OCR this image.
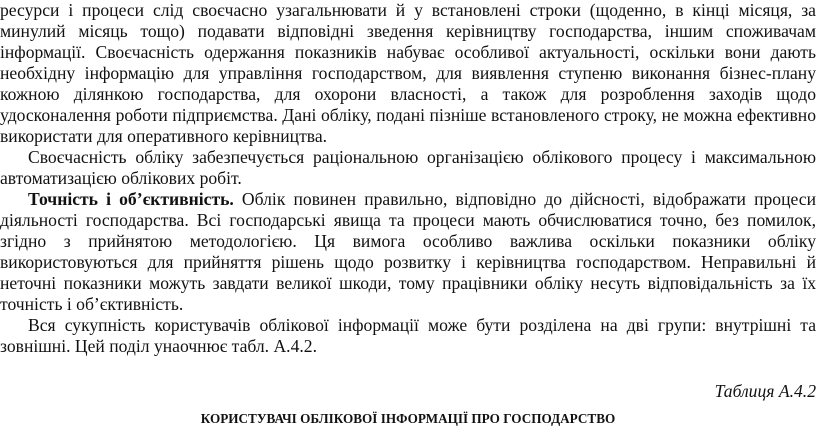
ресурси і процеси слід своєчасно узагальнювати й у встановлені строки (щоденно, в кінці місяця, за минулий місяць тощо) подавати відповідні зведення керівництву господарства, іншим споживачам інформації. Своєчасність одержання показників набуває особливої актуальності, оскільки вони дають необхідну інформацію для управління господарством, для виявлення ступеню виконання бізнес-плану кожною ділянкою господарства, для охорони власності, а також для розроблення заходів щодо удосконалення роботи підприємства. Дані обліку, подані пізніше встановленого строку, не можна ефективно використати для оперативного керівництва.

Своєчасність обліку забезпечується раціональною організацією облікового процесу і максимальною автоматизацією облікових робіт.

Точність і об’єктивність. Облік повинен правильно, відповідно до дійсності, відображати процеси діяльності господарства. Всі господарські явища та процеси мають обчислюватися точно, без помилок, згідно з прийнятою методологією. Ця вимога особливо важлива оскільки показники обліку використовуються для прийняття рішень щодо розвитку і керівництва господарством. Неправильні й неточні показники можуть завдати великої шкоди, тому працівники обліку несуть відповідальність за їх точність і об’єктивність.

Вся сукупність користувачів облікової інформації може бути розділена на дві групи: внутрішні та зовнішні. Цей поділ унаочнює табл. А.4.2.

Таблиця А.4.2
КОРИСТУВАЧІ ОБЛІКОВОЇ ІНФОРМАЦІЇ ПРО ГОСПОДАРСТВО
